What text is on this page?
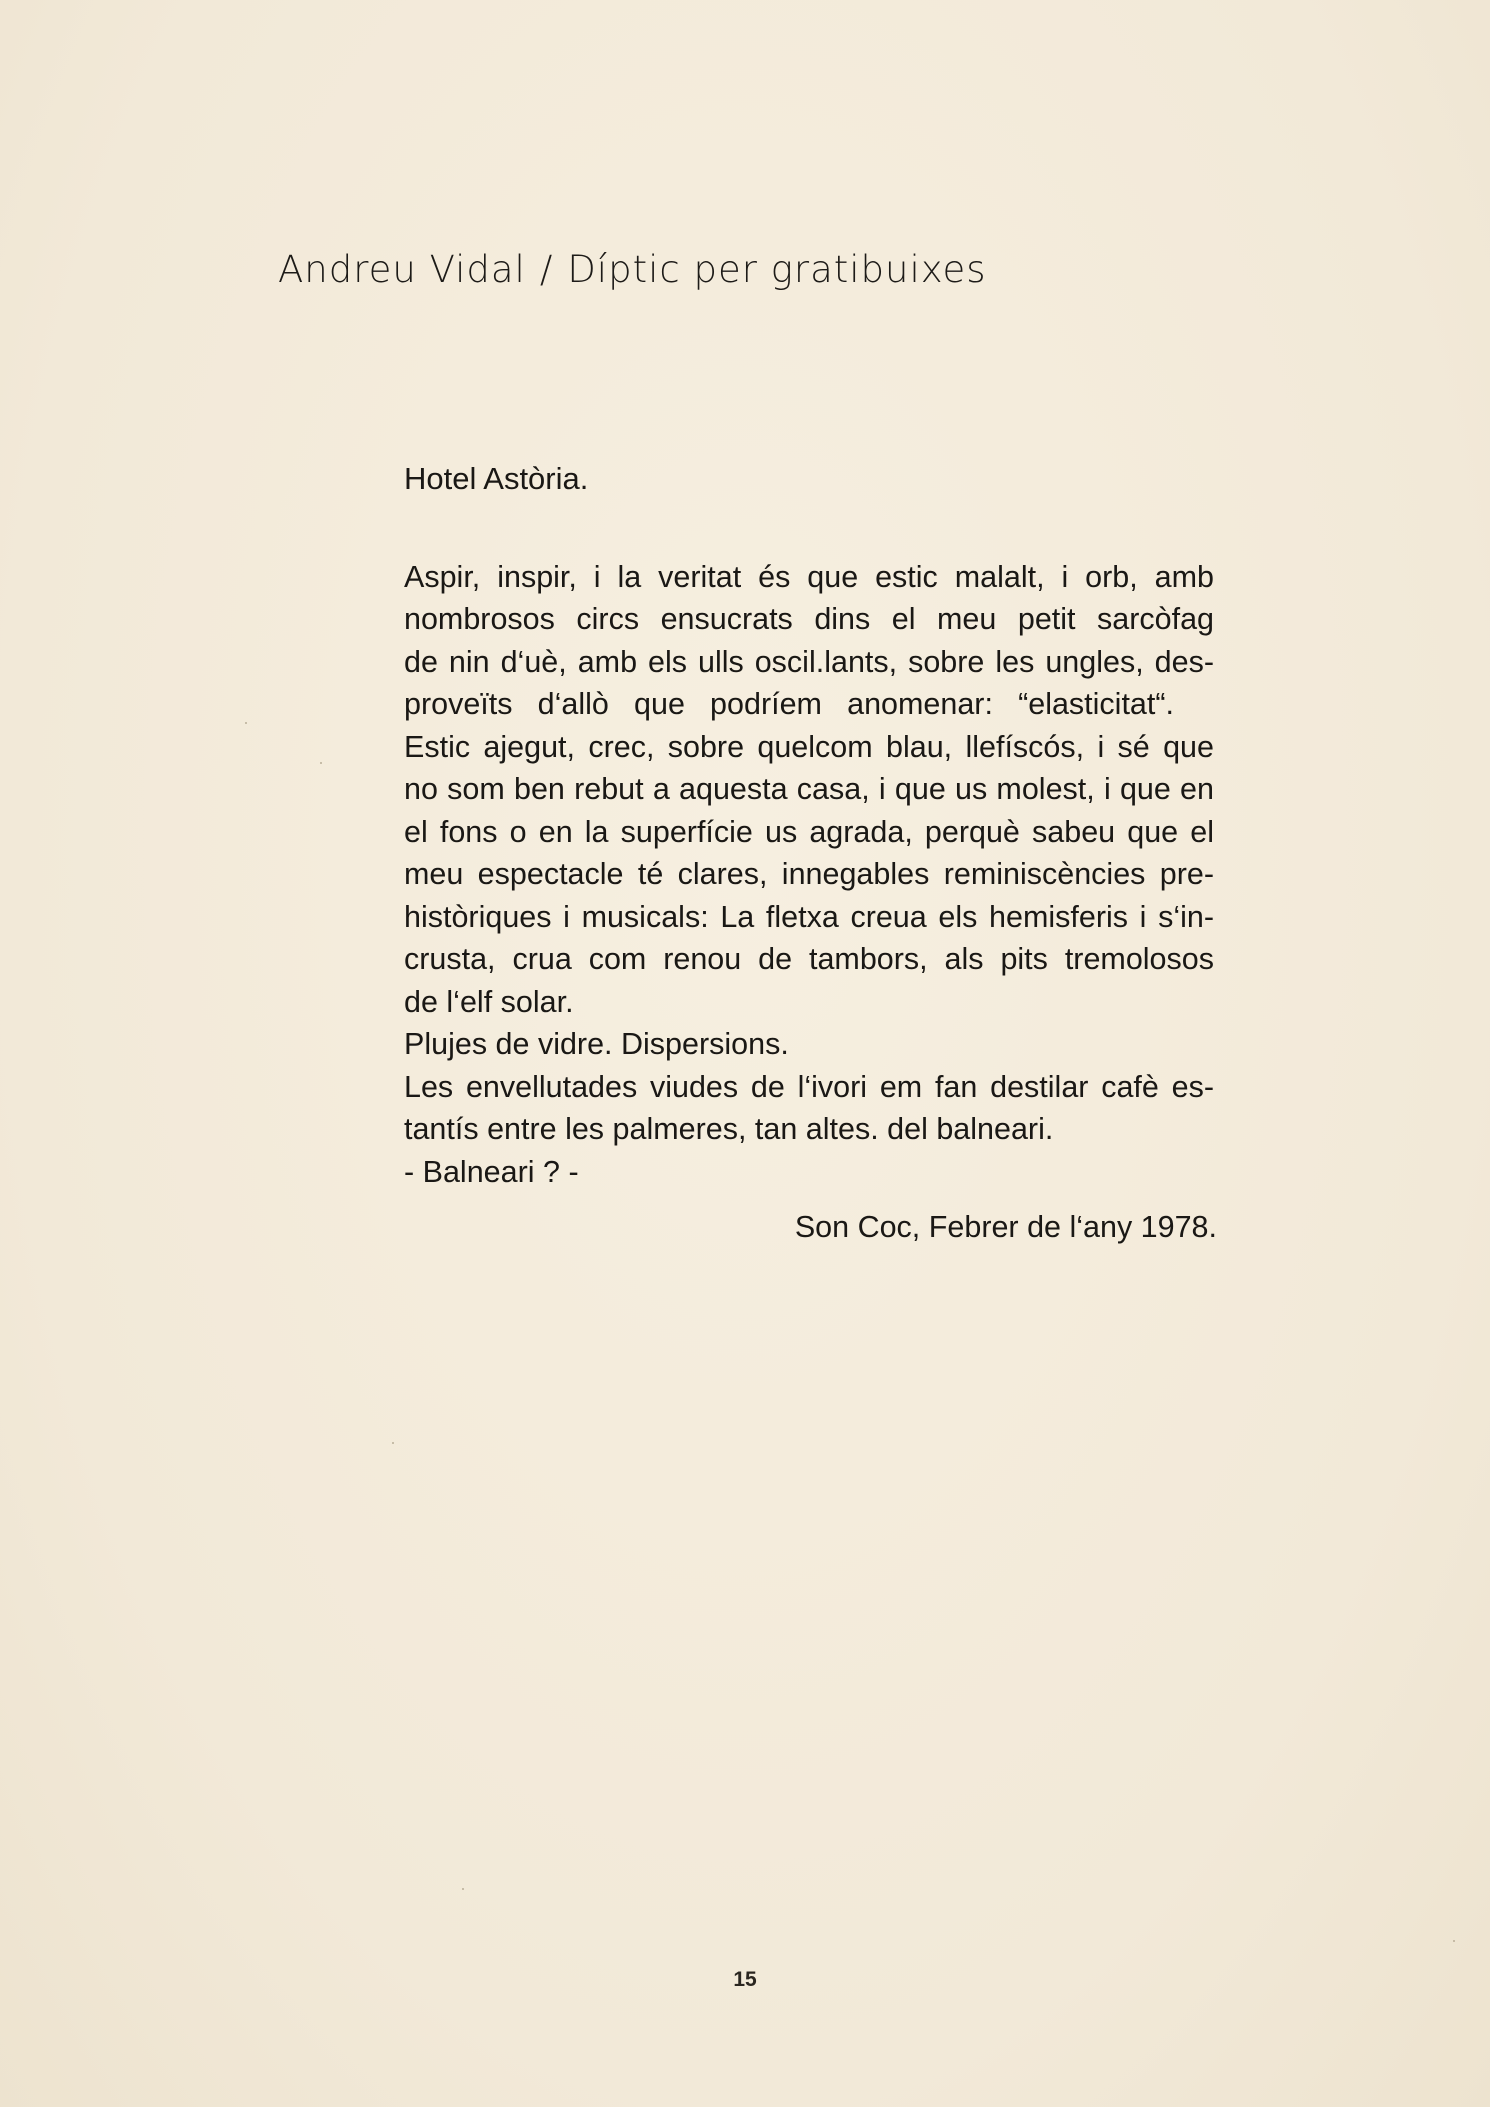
Andreu Vidal / Díptic per gratibuixes
Hotel Astòria.
Aspir, inspir, i la veritat és que estic malalt, i orb, amb
nombrosos circs ensucrats dins el meu petit sarcòfag
de nin d‘uè, amb els ulls oscil.lants, sobre les ungles, des-
proveïts d‘allò que podríem anomenar: “elasticitat“.
Estic ajegut, crec, sobre quelcom blau, llefíscós, i sé que
no som ben rebut a aquesta casa, i que us molest, i que en
el fons o en la superfície us agrada, perquè sabeu que el
meu espectacle té clares, innegables reminiscències pre-
històriques i musicals: La fletxa creua els hemisferis i s‘in-
crusta, crua com renou de tambors, als pits tremolosos
de l‘elf solar.
Plujes de vidre. Dispersions.
Les envellutades viudes de l‘ivori em fan destilar cafè es-
tantís entre les palmeres, tan altes. del balneari.
- Balneari ? -
Son Coc, Febrer de l‘any 1978.
15
